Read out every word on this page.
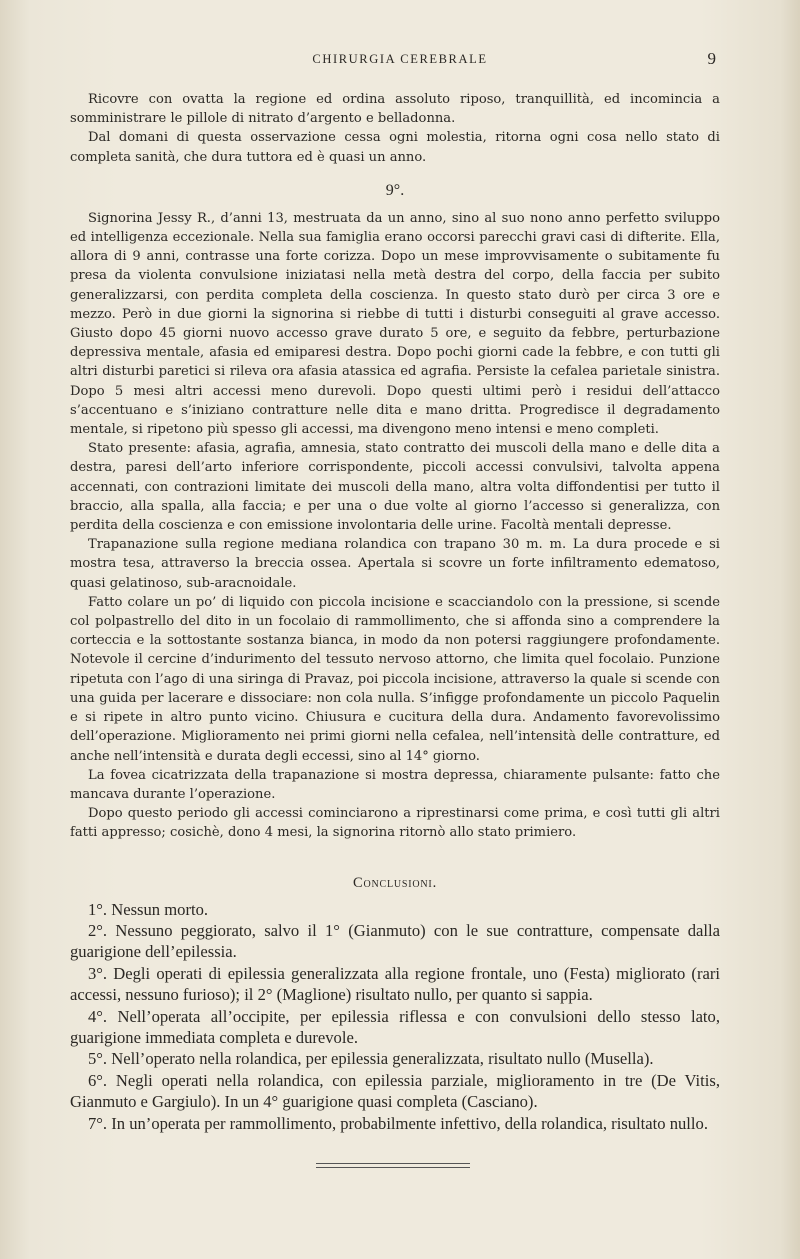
CHIRURGIA CEREBRALE	9

Ricovre con ovatta la regione ed ordina assoluto riposo, tranquillità, ed incomincia a somministrare le pillole di nitrato d’argento e belladonna.

Dal domani di questa osservazione cessa ogni molestia, ritorna ogni cosa nello stato di completa sanità, che dura tuttora ed è quasi un anno.

9°.

Signorina Jessy R., d’anni 13, mestruata da un anno, sino al suo nono anno perfetto sviluppo ed intelligenza eccezionale. Nella sua famiglia erano occorsi parecchi gravi casi di difterite. Ella, allora di 9 anni, contrasse una forte corizza. Dopo un mese improvvisamente o subitamente fu presa da violenta convulsione iniziatasi nella metà destra del corpo, della faccia per subito generalizzarsi, con perdita completa della coscienza. In questo stato durò per circa 3 ore e mezzo. Però in due giorni la signorina si riebbe di tutti i disturbi conseguiti al grave accesso. Giusto dopo 45 giorni nuovo accesso grave durato 5 ore, e seguito da febbre, perturbazione depressiva mentale, afasia ed emiparesi destra. Dopo pochi giorni cade la febbre, e con tutti gli altri disturbi paretici si rileva ora afasia atassica ed agrafia. Persiste la cefalea parietale sinistra. Dopo 5 mesi altri accessi meno durevoli. Dopo questi ultimi però i residui dell’attacco s’accentuano e s’iniziano contratture nelle dita e mano dritta. Progredisce il degradamento mentale, si ripetono più spesso gli accessi, ma divengono meno intensi e meno completi.

Stato presente: afasia, agrafia, amnesia, stato contratto dei muscoli della mano e delle dita a destra, paresi dell’arto inferiore corrispondente, piccoli accessi convulsivi, talvolta appena accennati, con contrazioni limitate dei muscoli della mano, altra volta diffondentisi per tutto il braccio, alla spalla, alla faccia; e per una o due volte al giorno l’accesso si generalizza, con perdita della coscienza e con emissione involontaria delle urine. Facoltà mentali depresse.

Trapanazione sulla regione mediana rolandica con trapano 30 m. m. La dura procede e si mostra tesa, attraverso la breccia ossea. Apertala si scovre un forte infiltramento edematoso, quasi gelatinoso, sub-aracnoidale.

Fatto colare un po’ di liquido con piccola incisione e scacciandolo con la pressione, si scende col polpastrello del dito in un focolaio di rammollimento, che si affonda sino a comprendere la corteccia e la sottostante sostanza bianca, in modo da non potersi raggiungere profondamente. Notevole il cercine d’indurimento del tessuto nervoso attorno, che limita quel focolaio. Punzione ripetuta con l’ago di una siringa di Pravaz, poi piccola incisione, attraverso la quale si scende con una guida per lacerare e dissociare: non cola nulla. S’infigge profondamente un piccolo Paquelin e si ripete in altro punto vicino. Chiusura e cucitura della dura. Andamento favorevolissimo dell’operazione. Miglioramento nei primi giorni nella cefalea, nell’intensità delle contratture, ed anche nell’intensità e durata degli eccessi, sino al 14° giorno.

La fovea cicatrizzata della trapanazione si mostra depressa, chiaramente pulsante: fatto che mancava durante l’operazione.

Dopo questo periodo gli accessi cominciarono a riprestinarsi come prima, e così tutti gli altri fatti appresso; cosichè, dono 4 mesi, la signorina ritornò allo stato primiero.

Conclusioni.

1°. Nessun morto.

2°. Nessuno peggiorato, salvo il 1° (Gianmuto) con le sue contratture, compensate dalla guarigione dell’epilessia.

3°. Degli operati di epilessia generalizzata alla regione frontale, uno (Festa) migliorato (rari accessi, nessuno furioso); il 2° (Maglione) risultato nullo, per quanto si sappia.

4°. Nell’operata all’occipite, per epilessia riflessa e con convulsioni dello stesso lato, guarigione immediata completa e durevole.

5°. Nell’operato nella rolandica, per epilessia generalizzata, risultato nullo (Musella).

6°. Negli operati nella rolandica, con epilessia parziale, miglioramento in tre (De Vitis, Gianmuto e Gargiulo). In un 4° guarigione quasi completa (Casciano).

7°. In un’operata per rammollimento, probabilmente infettivo, della rolandica, risultato nullo.
